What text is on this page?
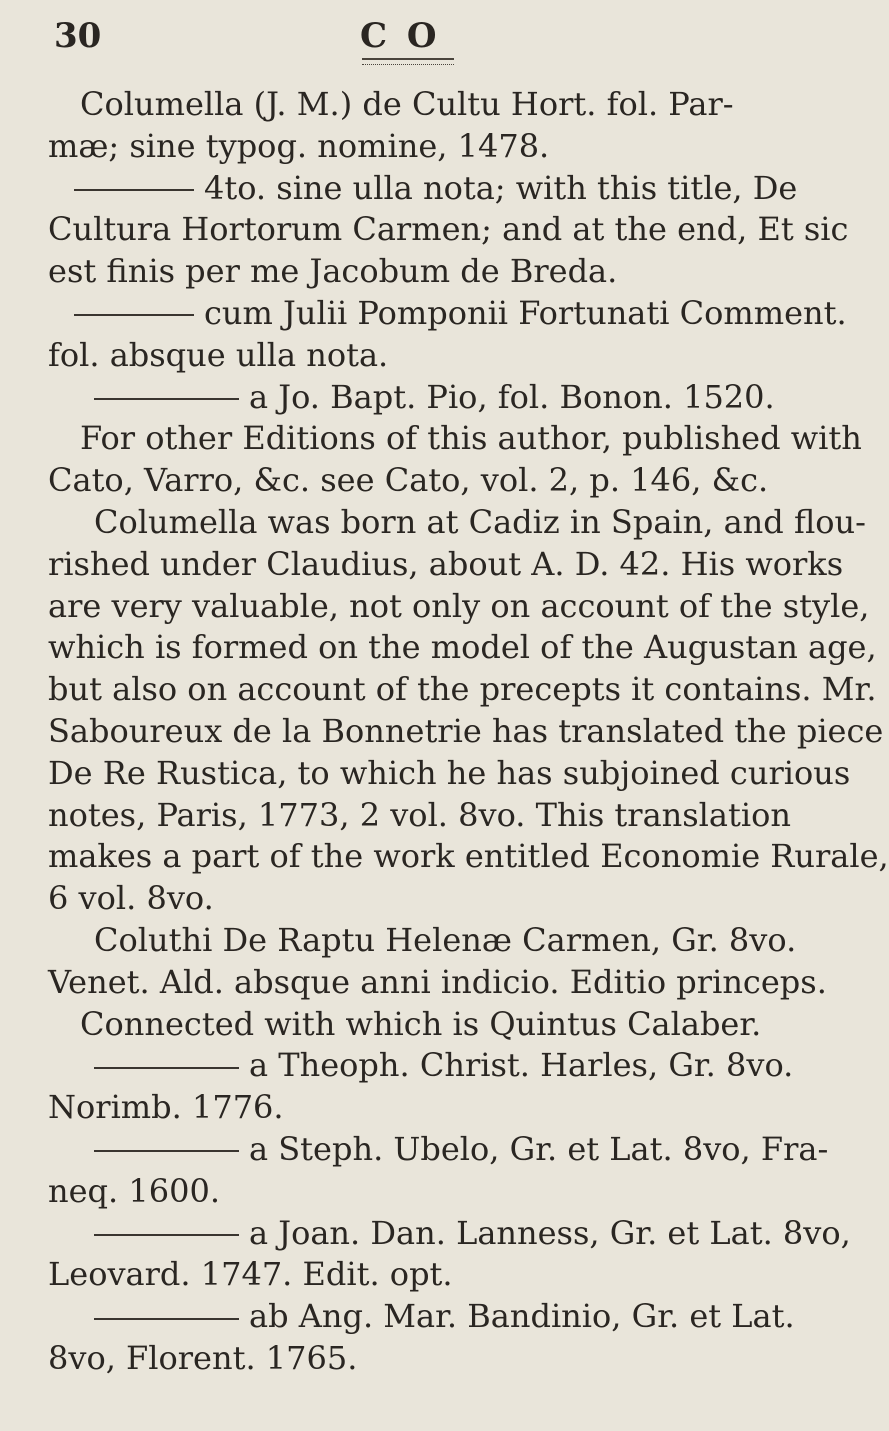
30	C O
Columella (J. M.) de Cultu Hort. fol. Par-
mæ; sine typog. nomine, 1478.
4to. sine ulla nota; with this title, De
Cultura Hortorum Carmen; and at the end, Et sic
est finis per me Jacobum de Breda.
cum Julii Pomponii Fortunati Comment.
fol. absque ulla nota.
a Jo. Bapt. Pio, fol. Bonon. 1520.
For other Editions of this author, published with
Cato, Varro, &c. see Cato, vol. 2, p. 146, &c.
Columella was born at Cadiz in Spain, and flou-
rished under Claudius, about A. D. 42. His works
are very valuable, not only on account of the style,
which is formed on the model of the Augustan age,
but also on account of the precepts it contains. Mr.
Saboureux de la Bonnetrie has translated the piece
De Re Rustica, to which he has subjoined curious
notes, Paris, 1773, 2 vol. 8vo. This translation
makes a part of the work entitled Economie Rurale,
6 vol. 8vo.
Coluthi De Raptu Helenæ Carmen, Gr. 8vo.
Venet. Ald. absque anni indicio. Editio princeps.
Connected with which is Quintus Calaber.
a Theoph. Christ. Harles, Gr. 8vo.
Norimb. 1776.
a Steph. Ubelo, Gr. et Lat. 8vo, Fra-
neq. 1600.
a Joan. Dan. Lanness, Gr. et Lat. 8vo,
Leovard. 1747. Edit. opt.
ab Ang. Mar. Bandinio, Gr. et Lat.
8vo, Florent. 1765.
